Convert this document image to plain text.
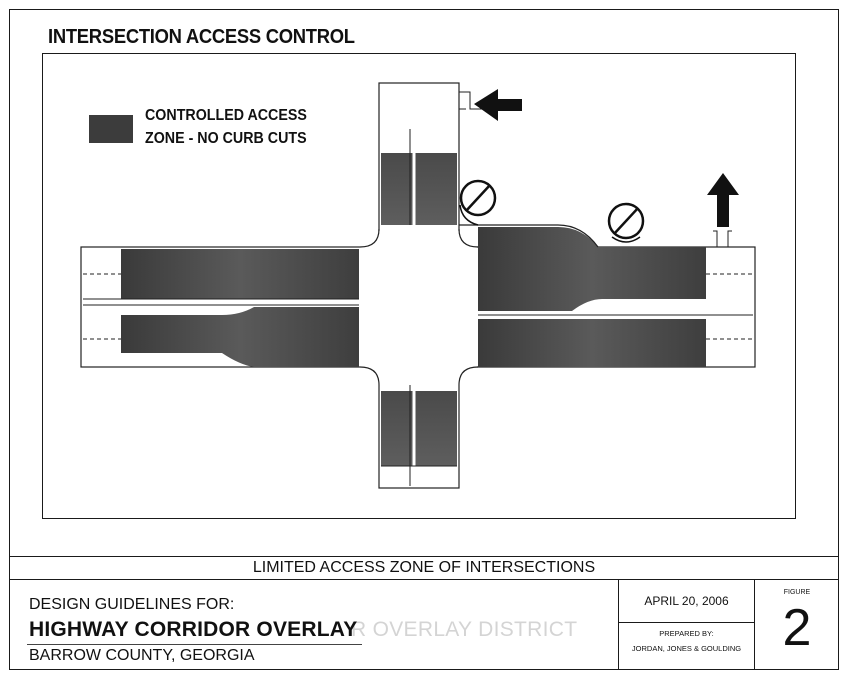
INTERSECTION ACCESS CONTROL
CONTROLLED ACCESS
ZONE - NO CURB CUTS
LIMITED ACCESS ZONE OF INTERSECTIONS
DESIGN GUIDELINES FOR:
R OVERLAY DISTRICT
HIGHWAY CORRIDOR OVERLAY
BARROW COUNTY, GEORGIA
APRIL 20, 2006
PREPARED BY:
JORDAN, JONES & GOULDING
FIGURE
2
